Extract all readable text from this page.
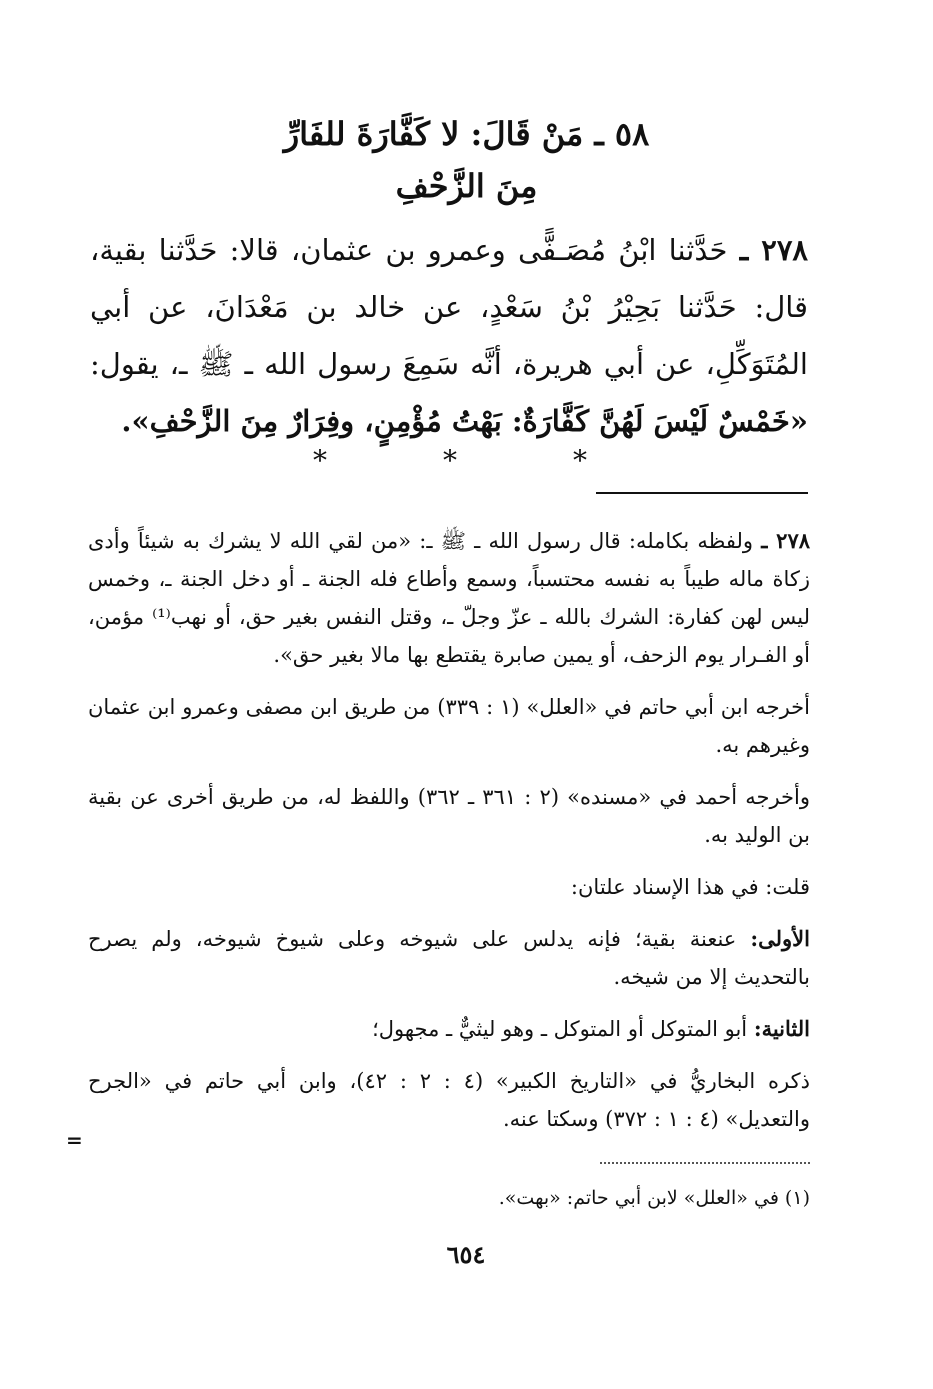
٥٨ ـ مَنْ قَالَ: لا كَفَّارَةَ للفَارِّ
مِنَ الزَّحْفِ
٢٧٨ ـ حَدَّثنا ابْنُ مُصَـفًّى وعمرو بن عثمان، قالا: حَدَّثنا بقية، قال: حَدَّثنا بَحِيْرُ بْنُ سَعْدٍ، عن خالد بن مَعْدَانَ، عن أبي المُتَوَكِّلِ، عن أبي هريرة، أنَّه سَمِعَ رسول الله ـ ﷺ ـ، يقول: «خَمْسٌ لَيْسَ لَهُنَّ كَفَّارَةٌ: بَهْتُ مُؤْمِنٍ، وفِرَارٌ مِنَ الزَّحْفِ».
*
*
*

٢٧٨ ـ ولفظه بكامله: قال رسول الله ـ ﷺ ـ: «من لقي الله لا يشرك به شيئاً وأدى زكاة ماله طيباً به نفسه محتسباً، وسمع وأطاع فله الجنة ـ أو دخل الجنة ـ، وخمس ليس لهن كفارة: الشرك بالله ـ عزّ وجلّ ـ، وقتل النفس بغير حق، أو نهب⁽¹⁾ مؤمن، أو الفـرار يوم الزحف، أو يمين صابرة يقتطع بها مالا بغير حق».

أخرجه ابن أبي حاتم في «العلل» (١ : ٣٣٩) من طريق ابن مصفى وعمرو ابن عثمان وغيرهم به.

وأخرجه أحمد في «مسنده» (٢ : ٣٦١ ـ ٣٦٢) واللفظ له، من طريق أخرى عن بقية بن الوليد به.

قلت: في هذا الإسناد علتان:

الأولى: عنعنة بقية؛ فإنه يدلس على شيوخه وعلى شيوخ شيوخه، ولم يصرح بالتحديث إلا من شيخه.

الثانية: أبو المتوكل أو المتوكل ـ وهو ليثيٌّ ـ مجهول؛

ذكره البخاريُّ في «التاريخ الكبير» (٤ : ٢ : ٤٢)، وابن أبي حاتم في «الجرح والتعديل» (٤ : ١ : ٣٧٢) وسكتا عنه.

=
(١) في «العلل» لابن أبي حاتم: «بهت».
٦٥٤
